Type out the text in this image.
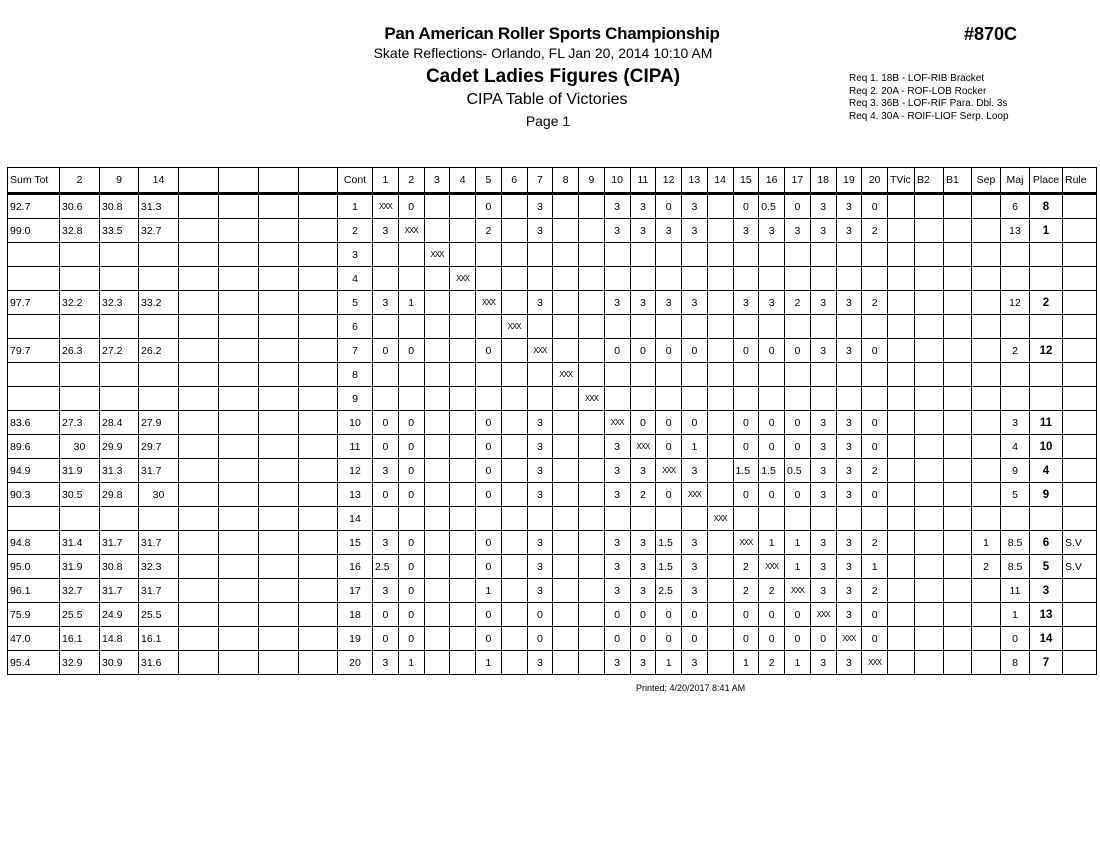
Pan American Roller Sports Championship
Skate Reflections- Orlando, FL Jan 20, 2014 10:10 AM
Cadet Ladies Figures (CIPA)
CIPA Table of Victories
Page 1
#870C
Req 1. 18B - LOF-RIB Bracket
Req 2. 20A - ROF-LOB Rocker
Req 3. 36B - LOF-RIF Para. Dbl. 3s
Req 4. 30A - ROIF-LIOF Serp. Loop
Sum Tot	2	9	14					Cont	1	2	3	4	5	6	7	8	9	10	11	12	13	14	15	16	17	18	19	20	TVic	B2	B1	Sep	Maj	Place	Rule
92.7	30.6	30.8	31.3					1	XXX	0			0		3			3	3	0	3		0	0.5	0	3	3	0					6	8	
99.0	32.8	33.5	32.7					2	3	XXX			2		3			3	3	3	3		3	3	3	3	3	2					13	1	
								3			XXX																								
								4				XXX																							
97.7	32.2	32.3	33.2					5	3	1			XXX		3			3	3	3	3		3	3	2	3	3	2					12	2	
								6						XXX																					
79.7	26.3	27.2	26.2					7	0	0			0		XXX			0	0	0	0		0	0	0	3	3	0					2	12	
								8								XXX																			
								9									XXX																		
83.6	27.3	28.4	27.9					10	0	0			0		3			XXX	0	0	0		0	0	0	3	3	0					3	11	
89.6	30	29.9	29.7					11	0	0			0		3			3	XXX	0	1		0	0	0	3	3	0					4	10	
94.9	31.9	31.3	31.7					12	3	0			0		3			3	3	XXX	3		1.5	1.5	0.5	3	3	2					9	4	
90.3	30.5	29.8	30					13	0	0			0		3			3	2	0	XXX		0	0	0	3	3	0					5	9	
								14														XXX													
94.8	31.4	31.7	31.7					15	3	0			0		3			3	3	1.5	3		XXX	1	1	3	3	2				1	8.5	6	S.V
95.0	31.9	30.8	32.3					16	2.5	0			0		3			3	3	1.5	3		2	XXX	1	3	3	1				2	8.5	5	S.V
96.1	32.7	31.7	31.7					17	3	0			1		3			3	3	2.5	3		2	2	XXX	3	3	2					11	3	
75.9	25.5	24.9	25.5					18	0	0			0		0			0	0	0	0		0	0	0	XXX	3	0					1	13	
47.0	16.1	14.8	16.1					19	0	0			0		0			0	0	0	0		0	0	0	0	XXX	0					0	14	
95.4	32.9	30.9	31.6					20	3	1			1		3			3	3	1	3		1	2	1	3	3	XXX					8	7	
Printed: 4/20/2017 8:41 AM
